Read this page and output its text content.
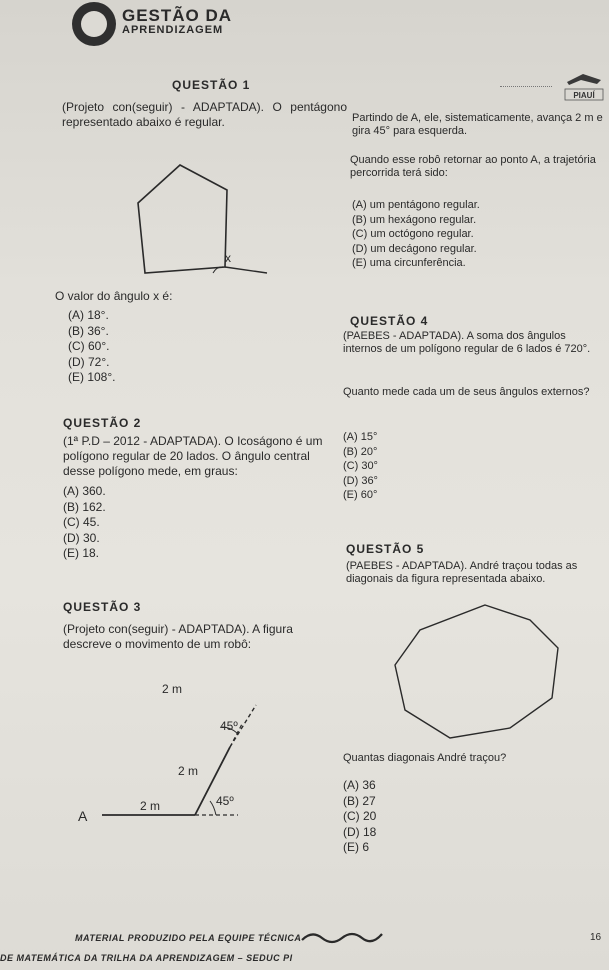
GESTÃO DA
APRENDIZAGEM
PIAUÍ
QUESTÃO 1
(Projeto con(seguir) - ADAPTADA). O pentágono representado abaixo é regular.
x
O valor do ângulo x é:
(A) 18°.
(B) 36°.
(C) 60°.
(D) 72°.
(E) 108°.
QUESTÃO 2
(1ª P.D – 2012 - ADAPTADA). O Icoságono é um polígono regular de 20 lados. O ângulo central desse polígono mede, em graus:
(A) 360.
(B) 162.
(C) 45.
(D) 30.
(E) 18.
QUESTÃO 3
(Projeto con(seguir) - ADAPTADA). A figura descreve o movimento de um robô:
A
2 m	45º
2 m
45º
2 m
Partindo de A, ele, sistematicamente, avança 2 m e gira 45° para esquerda.
Quando esse robô retornar ao ponto A, a trajetória percorrida terá sido:
(A) um pentágono regular.
(B) um hexágono regular.
(C) um octógono regular.
(D) um decágono regular.
(E) uma circunferência.
QUESTÃO 4
(PAEBES - ADAPTADA). A soma dos ângulos internos de um polígono regular de 6 lados é 720°.
Quanto mede cada um de seus ângulos externos?
(A) 15°
(B) 20°
(C) 30°
(D) 36°
(E) 60°
QUESTÃO 5
(PAEBES - ADAPTADA). André traçou todas as diagonais da figura representada abaixo.
Quantas diagonais André traçou?
(A) 36
(B) 27
(C) 20
(D) 18
(E) 6
MATERIAL PRODUZIDO PELA EQUIPE TÉCNICA
DE MATEMÁTICA DA TRILHA DA APRENDIZAGEM – SEDUC PI
16
